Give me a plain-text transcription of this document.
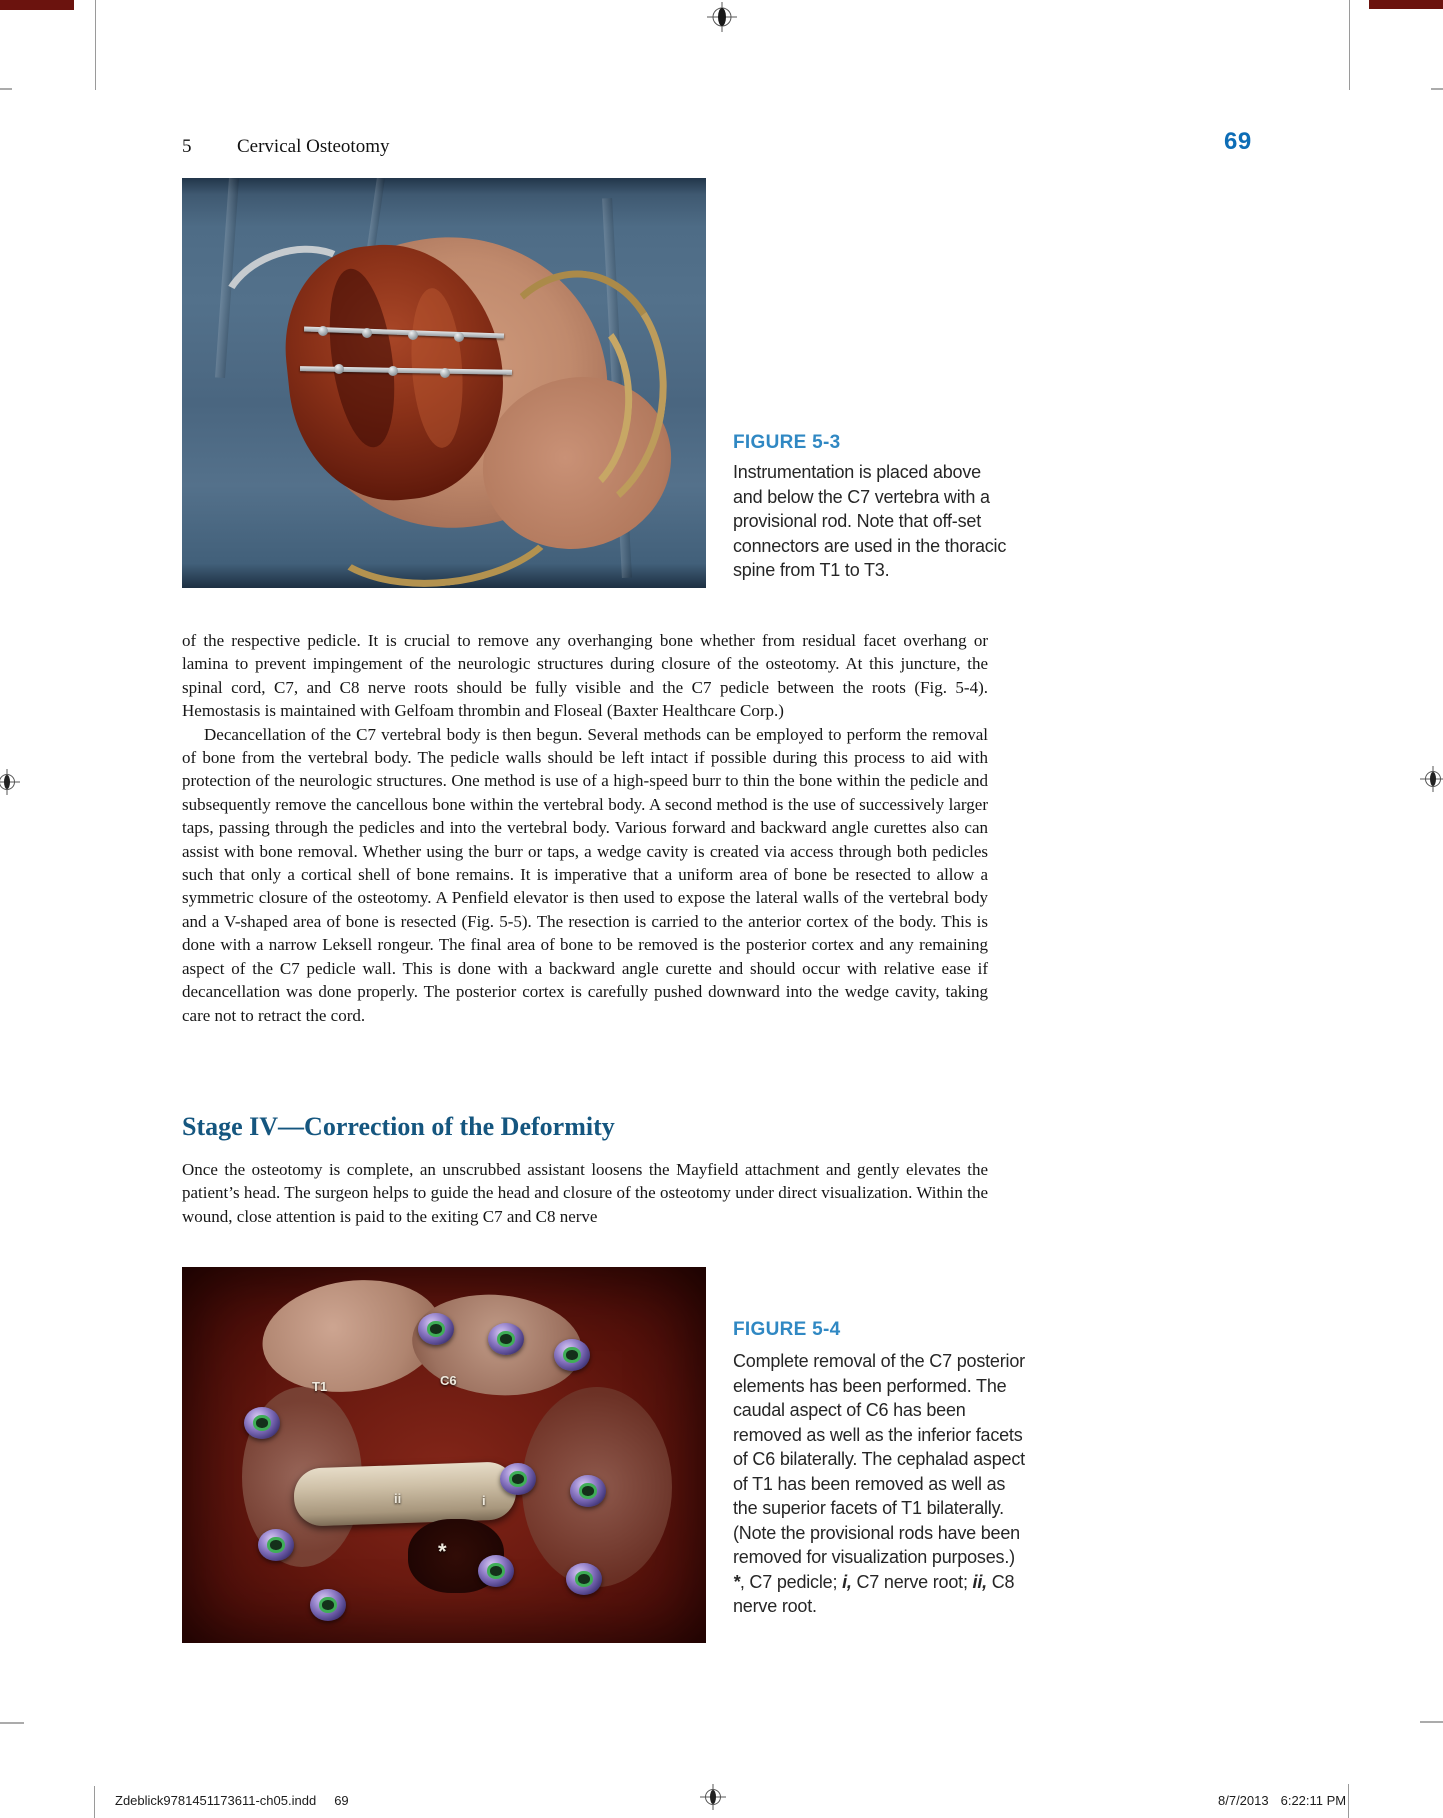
5 Cervical Osteotomy	69
FIGURE 5-3
Instrumentation is placed above and below the C7 vertebra with a provisional rod. Note that off-set connectors are used in the thoracic spine from T1 to T3.

of the respective pedicle. It is crucial to remove any overhanging bone whether from residual facet overhang or lamina to prevent impingement of the neurologic structures during closure of the osteotomy. At this juncture, the spinal cord, C7, and C8 nerve roots should be fully visible and the C7 pedicle between the roots (Fig. 5-4). Hemostasis is maintained with Gelfoam thrombin and Floseal (Baxter Healthcare Corp.)

Decancellation of the C7 vertebral body is then begun. Several methods can be employed to perform the removal of bone from the vertebral body. The pedicle walls should be left intact if possible during this process to aid with protection of the neurologic structures. One method is use of a high-speed burr to thin the bone within the pedicle and subsequently remove the cancellous bone within the vertebral body. A second method is the use of successively larger taps, passing through the pedicles and into the vertebral body. Various forward and backward angle curettes also can assist with bone removal. Whether using the burr or taps, a wedge cavity is created via access through both pedicles such that only a cortical shell of bone remains. It is imperative that a uniform area of bone be resected to allow a symmetric closure of the osteotomy. A Penfield elevator is then used to expose the lateral walls of the vertebral body and a V-shaped area of bone is resected (Fig. 5-5). The resection is carried to the anterior cortex of the body. This is done with a narrow Leksell rongeur. The final area of bone to be removed is the posterior cortex and any remaining aspect of the C7 pedicle wall. This is done with a backward angle curette and should occur with relative ease if decancellation was done properly. The posterior cortex is carefully pushed downward into the wedge cavity, taking care not to retract the cord.

Stage IV—Correction of the Deformity

Once the osteotomy is complete, an unscrubbed assistant loosens the Mayfield attachment and gently elevates the patient’s head. The surgeon helps to guide the head and closure of the osteotomy under direct visualization. Within the wound, close attention is paid to the exiting C7 and C8 nerve

T1	C6
ii	i
*
FIGURE 5-4
Complete removal of the C7 posterior elements has been performed. The caudal aspect of C6 has been removed as well as the inferior facets of C6 bilaterally. The cephalad aspect of T1 has been removed as well as the superior facets of T1 bilaterally. (Note the provisional rods have been removed for visualization purposes.) *, C7 pedicle; i, C7 nerve root; ii, C8 nerve root.
Zdeblick9781451173611-ch05.indd 69	8/7/2013 6:22:11 PM
